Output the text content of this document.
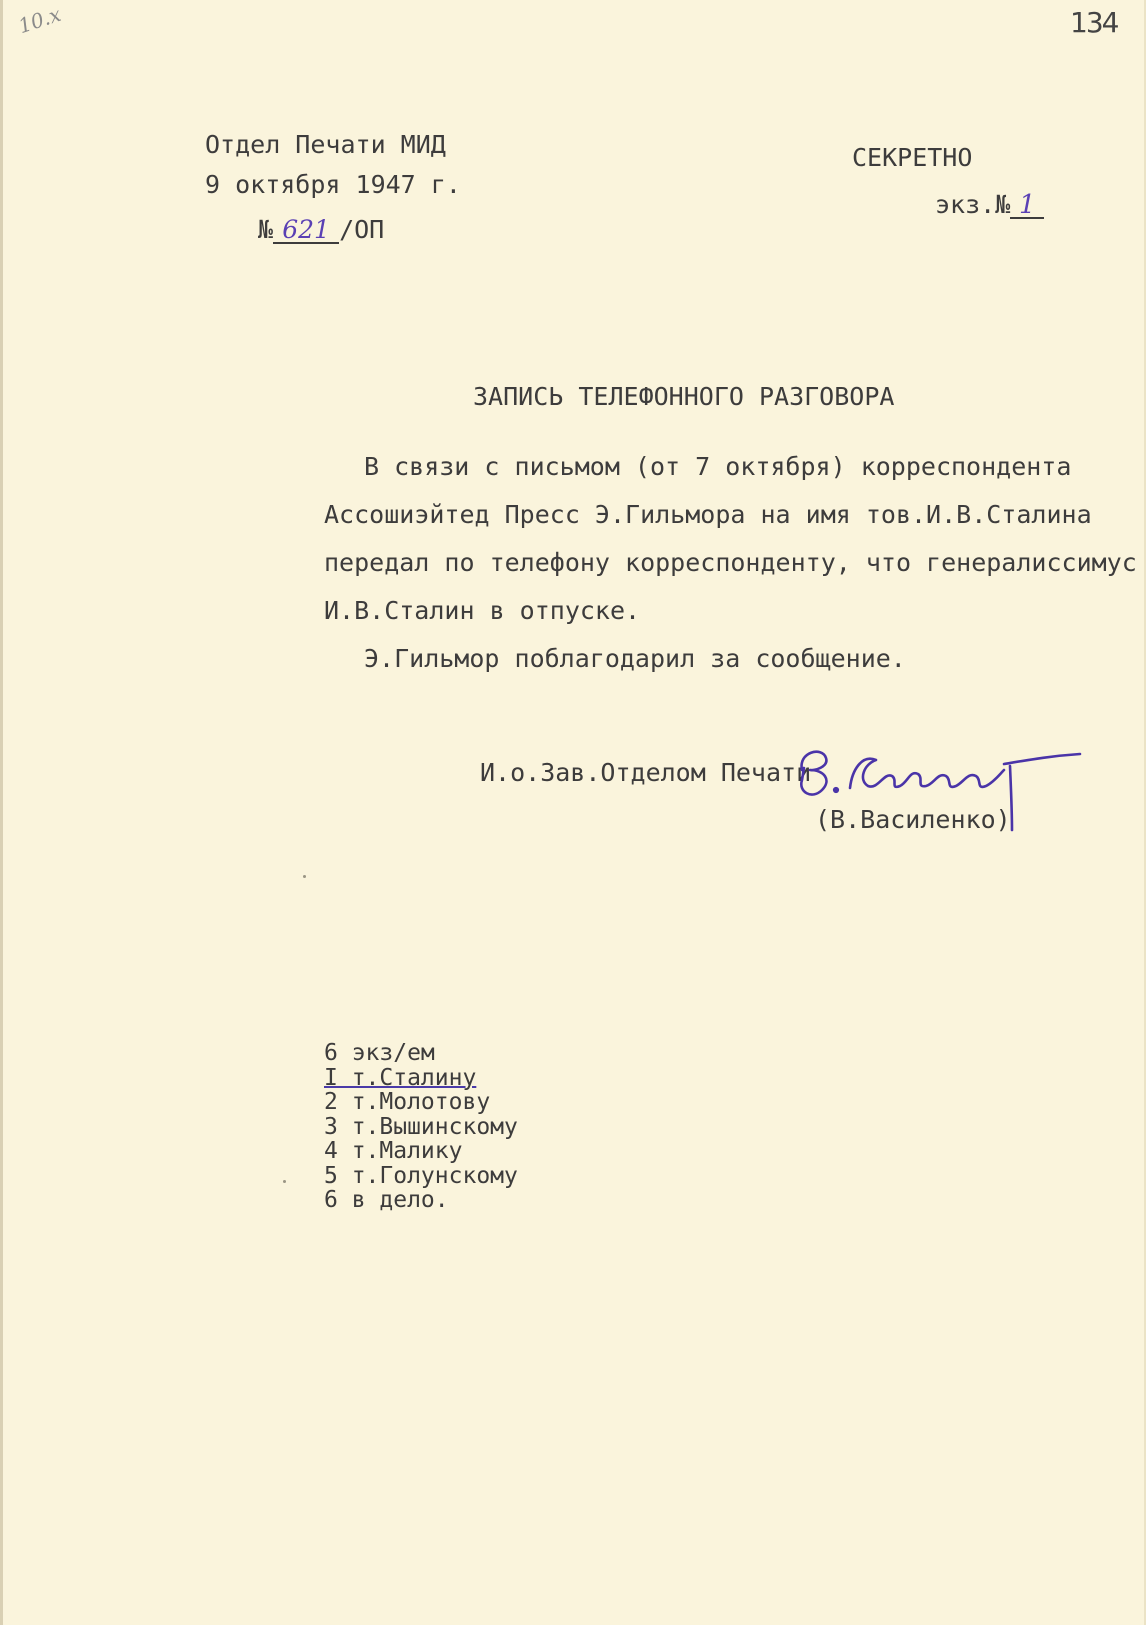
10.x	134
Отдел Печати МИД
9 октября 1947 г.
№ 621 /ОП
СЕКРЕТНО
экз.№ 1
ЗАПИСЬ ТЕЛЕФОННОГО РАЗГОВОРА
В связи с письмом (от 7 октября) корреспондента
Ассошиэйтед Пресс Э.Гильмора на имя тов.И.В.Сталина
передал по телефону корреспонденту, что генералиссимус
И.В.Сталин в отпуске.
Э.Гильмор поблагодарил за сообщение.
И.о.Зав.Отделом Печати
(В.Василенко)
6 экз/ем
I т.Сталину
2 т.Молотову
3 т.Вышинскому
4 т.Малику
5 т.Голунскому
6 в дело.
